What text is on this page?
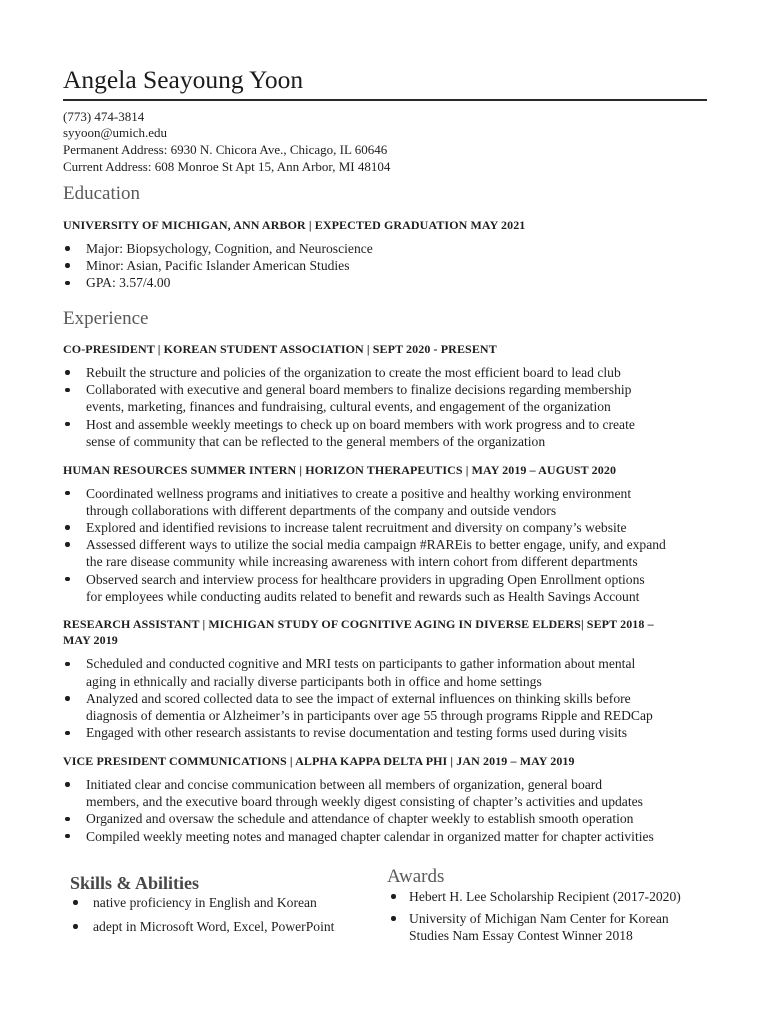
Angela Seayoung Yoon
(773) 474-3814
syyoon@umich.edu
Permanent Address: 6930 N. Chicora Ave., Chicago, IL 60646
Current Address: 608 Monroe St Apt 15, Ann Arbor, MI 48104
Education
UNIVERSITY OF MICHIGAN, ANN ARBOR | EXPECTED GRADUATION MAY 2021
Major: Biopsychology, Cognition, and Neuroscience
Minor: Asian, Pacific Islander American Studies
GPA: 3.57/4.00
Experience
CO-PRESIDENT | KOREAN STUDENT ASSOCIATION | SEPT 2020 - PRESENT
Rebuilt the structure and policies of the organization to create the most efficient board to lead club
Collaborated with executive and general board members to finalize decisions regarding membership
events, marketing, finances and fundraising, cultural events, and engagement of the organization
Host and assemble weekly meetings to check up on board members with work progress and to create
sense of community that can be reflected to the general members of the organization
HUMAN RESOURCES SUMMER INTERN | HORIZON THERAPEUTICS | MAY 2019 – AUGUST 2020
Coordinated wellness programs and initiatives to create a positive and healthy working environment
through collaborations with different departments of the company and outside vendors
Explored and identified revisions to increase talent recruitment and diversity on company’s website
Assessed different ways to utilize the social media campaign #RAREis to better engage, unify, and expand
the rare disease community while increasing awareness with intern cohort from different departments
Observed search and interview process for healthcare providers in upgrading Open Enrollment options
for employees while conducting audits related to benefit and rewards such as Health Savings Account
RESEARCH ASSISTANT | MICHIGAN STUDY OF COGNITIVE AGING IN DIVERSE ELDERS| SEPT 2018 –
MAY 2019
Scheduled and conducted cognitive and MRI tests on participants to gather information about mental
aging in ethnically and racially diverse participants both in office and home settings
Analyzed and scored collected data to see the impact of external influences on thinking skills before
diagnosis of dementia or Alzheimer’s in participants over age 55 through programs Ripple and REDCap
Engaged with other research assistants to revise documentation and testing forms used during visits
VICE PRESIDENT COMMUNICATIONS | ALPHA KAPPA DELTA PHI | JAN 2019 – MAY 2019
Initiated clear and concise communication between all members of organization, general board
members, and the executive board through weekly digest consisting of chapter’s activities and updates
Organized and oversaw the schedule and attendance of chapter weekly to establish smooth operation
Compiled weekly meeting notes and managed chapter calendar in organized matter for chapter activities
Skills & Abilities
native proficiency in English and Korean
adept in Microsoft Word, Excel, PowerPoint
Awards
Hebert H. Lee Scholarship Recipient (2017-2020)
University of Michigan Nam Center for Korean
Studies Nam Essay Contest Winner 2018
